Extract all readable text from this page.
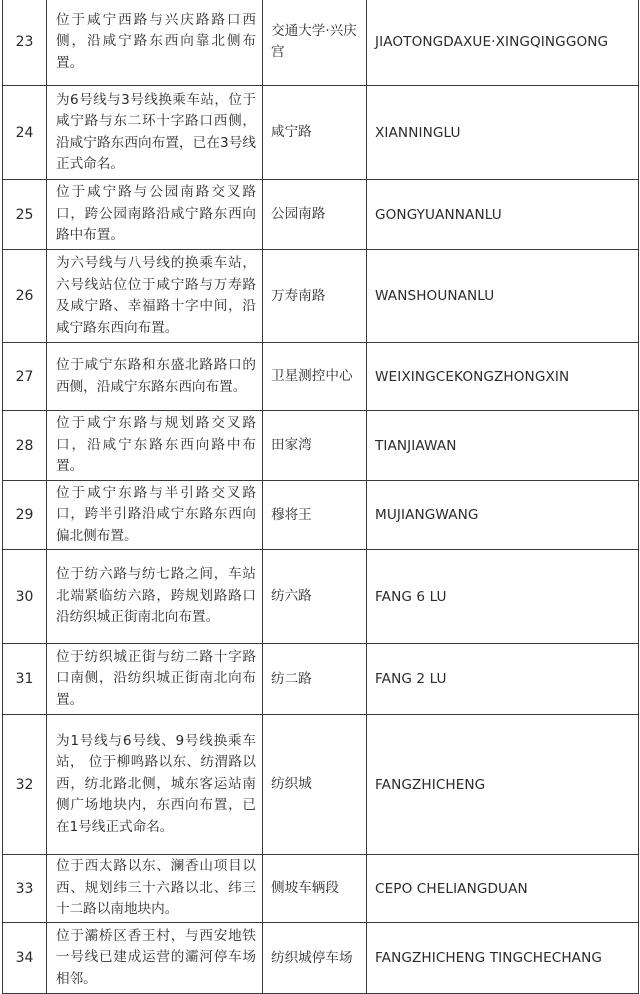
23	位于咸宁西路与兴庆路路口西侧，沿咸宁路东西向靠北侧布置。	交通大学·兴庆宫	JIAOTONGDAXUE·XINGQINGGONG
24	为6号线与3号线换乘车站，位于咸宁路与东二环十字路口西侧，沿咸宁路东西向布置，已在3号线正式命名。	咸宁路	XIANNINGLU
25	位于咸宁路与公园南路交叉路口，跨公园南路沿咸宁路东西向路中布置。	公园南路	GONGYUANNANLU
26	为六号线与八号线的换乘车站，六号线站位位于咸宁路与万寿路及咸宁路、幸福路十字中间，沿咸宁路东西向布置。	万寿南路	WANSHOUNANLU
27	位于咸宁东路和东盛北路路口的西侧，沿咸宁东路东西向布置。	卫星测控中心	WEIXINGCEKONGZHONGXIN
28	位于咸宁东路与规划路交叉路口，沿咸宁东路东西向路中布置。	田家湾	TIANJIAWAN
29	位于咸宁东路与半引路交叉路口，跨半引路沿咸宁东路东西向偏北侧布置。	穆将王	MUJIANGWANG
30	位于纺六路与纺七路之间，车站北端紧临纺六路，跨规划路路口沿纺织城正街南北向布置。	纺六路	FANG 6 LU
31	位于纺织城正街与纺二路十字路口南侧，沿纺织城正街南北向布置。	纺二路	FANG 2 LU
32	为1号线与6号线、9号线换乘车站， 位于柳鸣路以东、纺渭路以西，纺北路北侧，城东客运站南侧广场地块内，东西向布置，已在1号线正式命名。	纺织城	FANGZHICHENG
33	位于西太路以东、澜香山项目以西、规划纬三十六路以北、纬三十二路以南地块内。	侧坡车辆段	CEPO CHELIANGDUAN
34	位于灞桥区香王村，与西安地铁一号线已建成运营的灞河停车场相邻。	纺织城停车场	FANGZHICHENG TINGCHECHANG
